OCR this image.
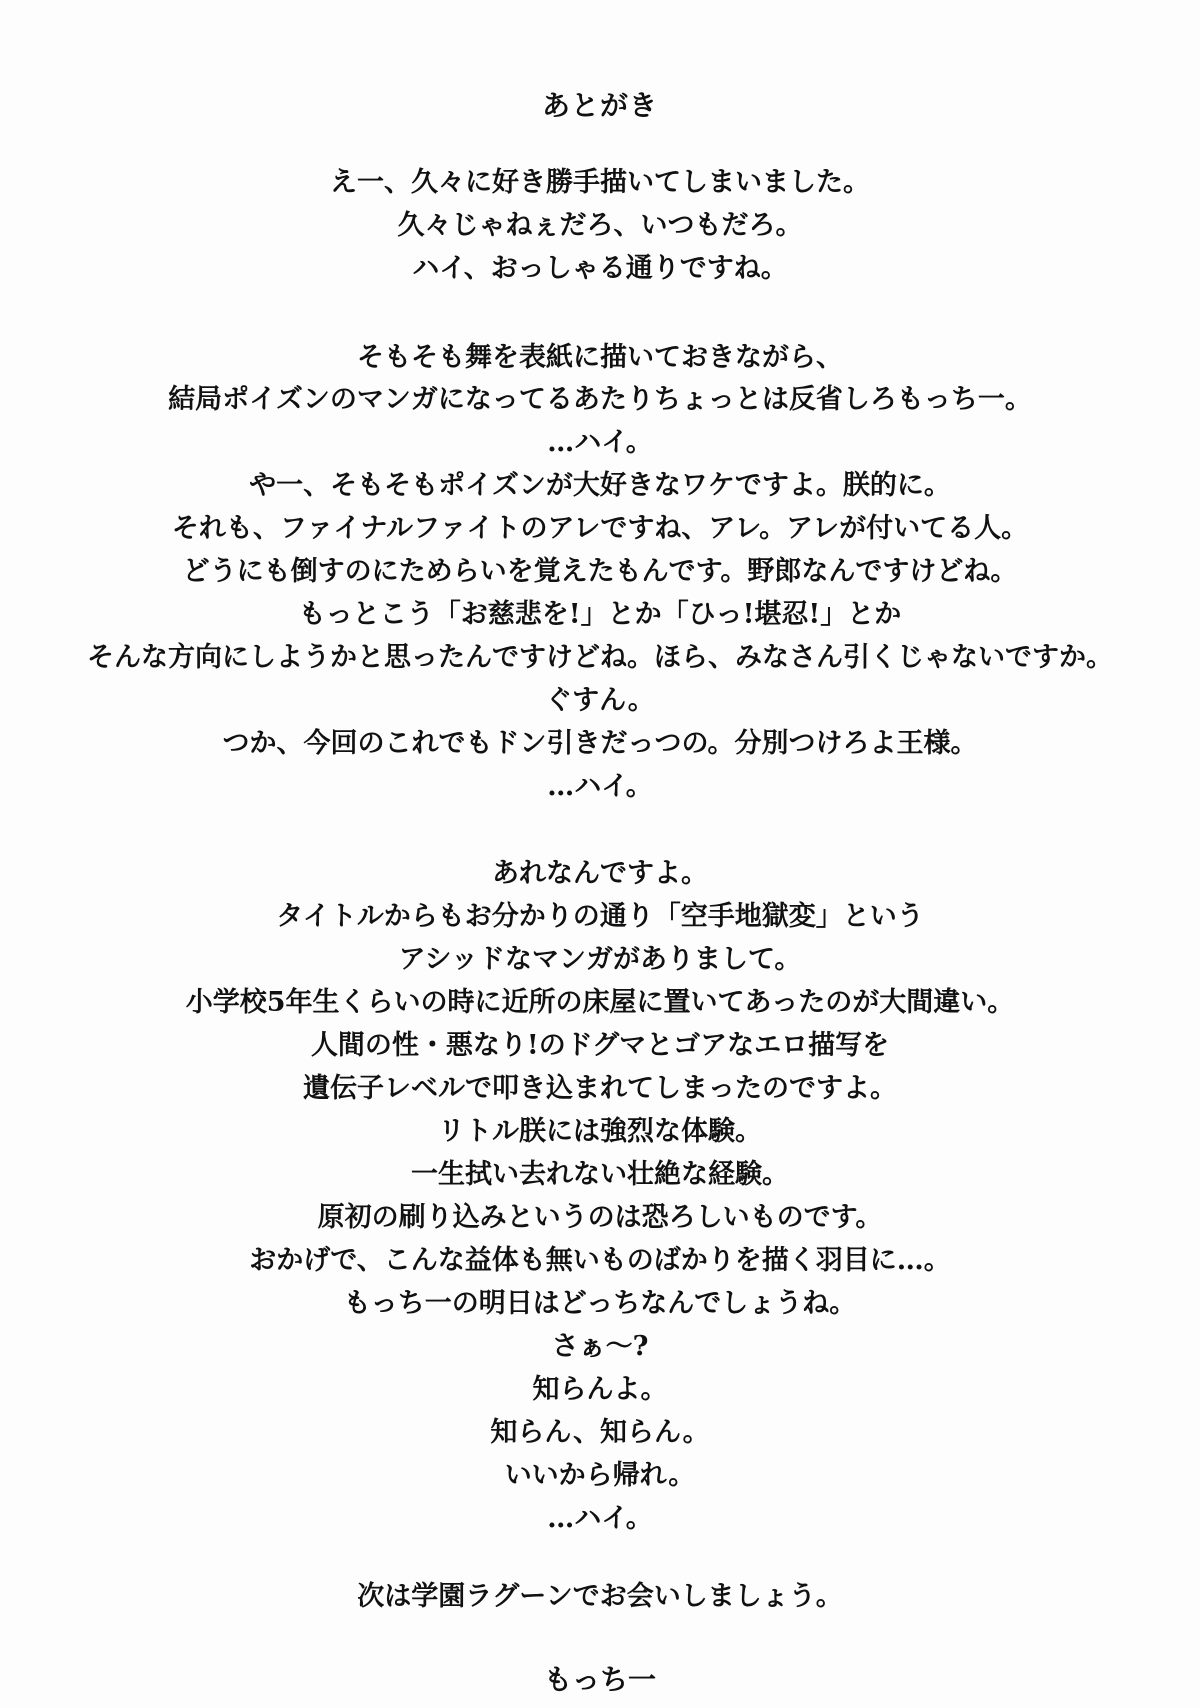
あとがき
え一、久々に好き勝手描いてしまいました。
久々じゃねぇだろ、いつもだろ。
ハイ、おっしゃる通りですね。
そもそも舞を表紙に描いておきながら、
結局ポイズンのマンガになってるあたりちょっとは反省しろもっち一。
…ハイ。
や一、そもそもポイズンが大好きなワケですよ。朕的に。
それも、ファイナルファイトのアレですね、アレ。アレが付いてる人。
どうにも倒すのにためらいを覚えたもんです。野郎なんですけどね。
もっとこう「お慈悲を!」とか「ひっ!堪忍!」とか
そんな方向にしようかと思ったんですけどね。ほら、みなさん引くじゃないですか。
ぐすん。
つか、今回のこれでもドン引きだっつの。分別つけろよ王様。
…ハイ。
あれなんですよ。
タイトルからもお分かりの通り「空手地獄変」という
アシッドなマンガがありまして。
小学校5年生くらいの時に近所の床屋に置いてあったのが大間違い。
人間の性・悪なり!のドグマとゴアなエロ描写を
遺伝子レベルで叩き込まれてしまったのですよ。
リトル朕には強烈な体験。
一生拭い去れない壮絶な経験。
原初の刷り込みというのは恐ろしいものです。
おかげで、こんな益体も無いものばかりを描く羽目に…。
もっち一の明日はどっちなんでしょうね。
さぁ〜?
知らんよ。
知らん、知らん。
いいから帰れ。
…ハイ。
次は学園ラグーンでお会いしましょう。
もっち一
